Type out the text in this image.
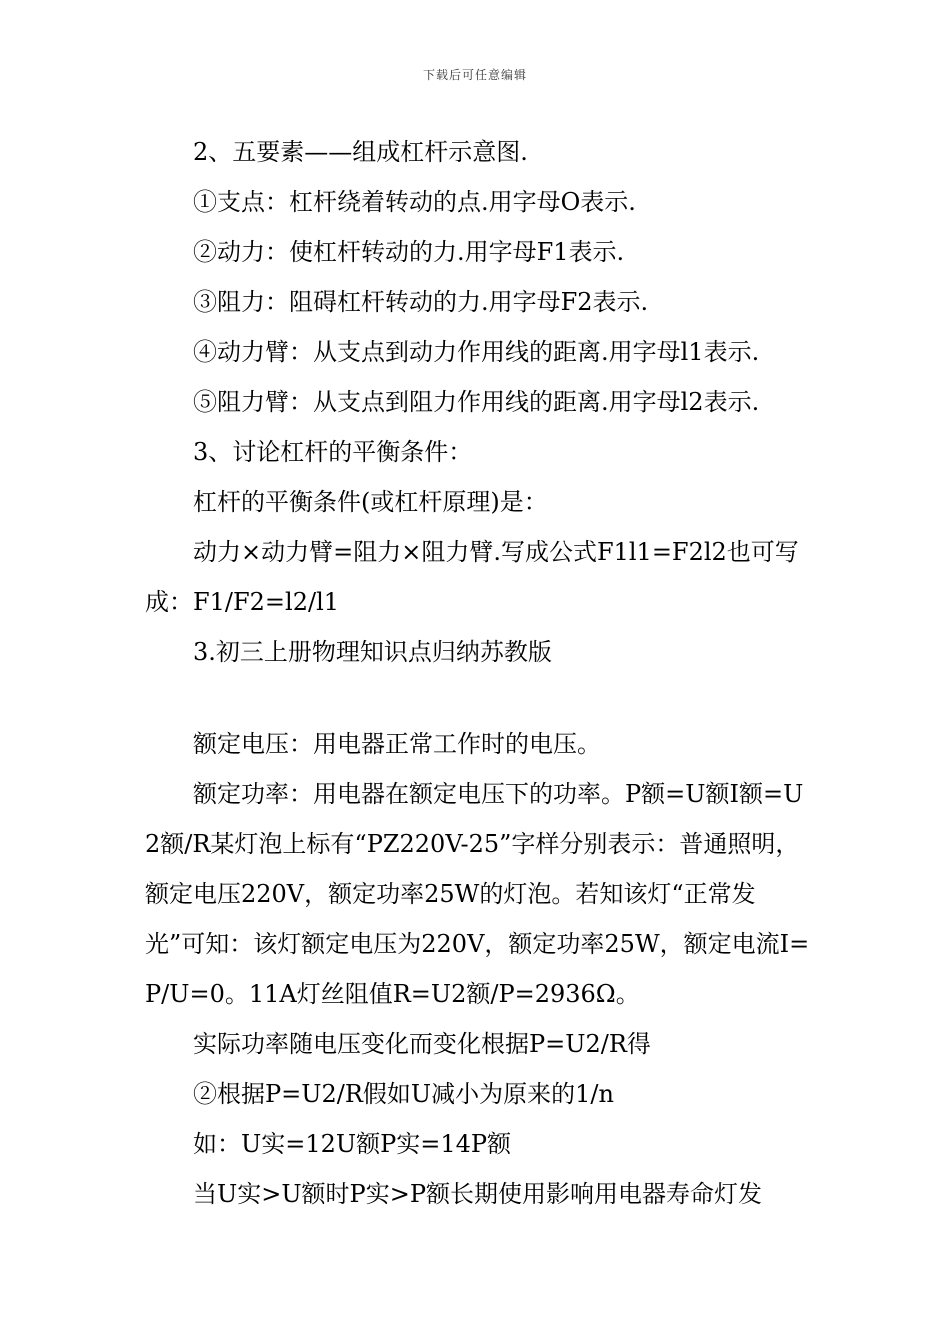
下载后可任意编辑

2、五要素——组成杠杆示意图.

①支点：杠杆绕着转动的点.用字母O表示.

②动力：使杠杆转动的力.用字母F1表示.

③阻力：阻碍杠杆转动的力.用字母F2表示.

④动力臂：从支点到动力作用线的距离.用字母l1表示.

⑤阻力臂：从支点到阻力作用线的距离.用字母l2表示.

3、讨论杠杆的平衡条件：

杠杆的平衡条件(或杠杆原理)是：

动力×动力臂=阻力×阻力臂.写成公式F1l1=F2l2也可写成：F1/F2=l2/l1

3.初三上册物理知识点归纳苏教版

额定电压：用电器正常工作时的电压。

额定功率：用电器在额定电压下的功率。P额=U额I额=U2额/R某灯泡上标有“PZ220V-25”字样分别表示：普通照明，额定电压220V，额定功率25W的灯泡。若知该灯“正常发光”可知：该灯额定电压为220V，额定功率25W，额定电流I=P/U=0。11A灯丝阻值R=U2额/P=2936Ω。

实际功率随电压变化而变化根据P=U2/R得

②根据P=U2/R假如U减小为原来的1/n

如：U实=12U额P实=14P额

当U实>U额时P实>P额长期使用影响用电器寿命灯发
